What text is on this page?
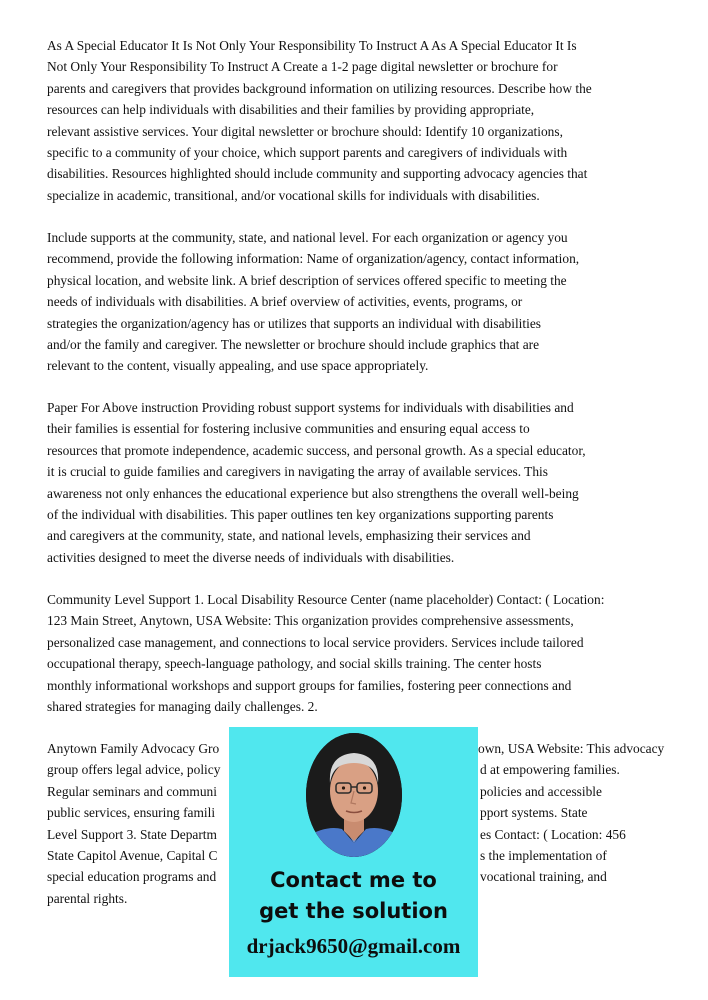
As A Special Educator It Is Not Only Your Responsibility To Instruct A As A Special Educator It Is
Not Only Your Responsibility To Instruct A Create a 1-2 page digital newsletter or brochure for
parents and caregivers that provides background information on utilizing resources. Describe how the
resources can help individuals with disabilities and their families by providing appropriate,
relevant assistive services. Your digital newsletter or brochure should: Identify 10 organizations,
specific to a community of your choice, which support parents and caregivers of individuals with
disabilities. Resources highlighted should include community and supporting advocacy agencies that
specialize in academic, transitional, and/or vocational skills for individuals with disabilities.
Include supports at the community, state, and national level. For each organization or agency you
recommend, provide the following information: Name of organization/agency, contact information,
physical location, and website link. A brief description of services offered specific to meeting the
needs of individuals with disabilities. A brief overview of activities, events, programs, or
strategies the organization/agency has or utilizes that supports an individual with disabilities
and/or the family and caregiver. The newsletter or brochure should include graphics that are
relevant to the content, visually appealing, and use space appropriately.
Paper For Above instruction Providing robust support systems for individuals with disabilities and
their families is essential for fostering inclusive communities and ensuring equal access to
resources that promote independence, academic success, and personal growth. As a special educator,
it is crucial to guide families and caregivers in navigating the array of available services. This
awareness not only enhances the educational experience but also strengthens the overall well-being
of the individual with disabilities. This paper outlines ten key organizations supporting parents
and caregivers at the community, state, and national levels, emphasizing their services and
activities designed to meet the diverse needs of individuals with disabilities.
Community Level Support 1. Local Disability Resource Center (name placeholder) Contact: ( Location:
123 Main Street, Anytown, USA Website: This organization provides comprehensive assessments,
personalized case management, and connections to local service providers. Services include tailored
occupational therapy, speech-language pathology, and social skills training. The center hosts
monthly informational workshops and support groups for families, fostering peer connections and
shared strategies for managing daily challenges. 2.
Anytown Family Advocacy Gro
group offers legal advice, policy
Regular seminars and communi
public services, ensuring famili
Level Support 3. State Departm
State Capitol Avenue, Capital C
special education programs and
parental rights.
own, USA Website: This advocacy
d at empowering families.
policies and accessible
pport systems. State
es Contact: ( Location: 456
s the implementation of
vocational training, and
Contact me to
get the solution
drjack9650@gmail.com
